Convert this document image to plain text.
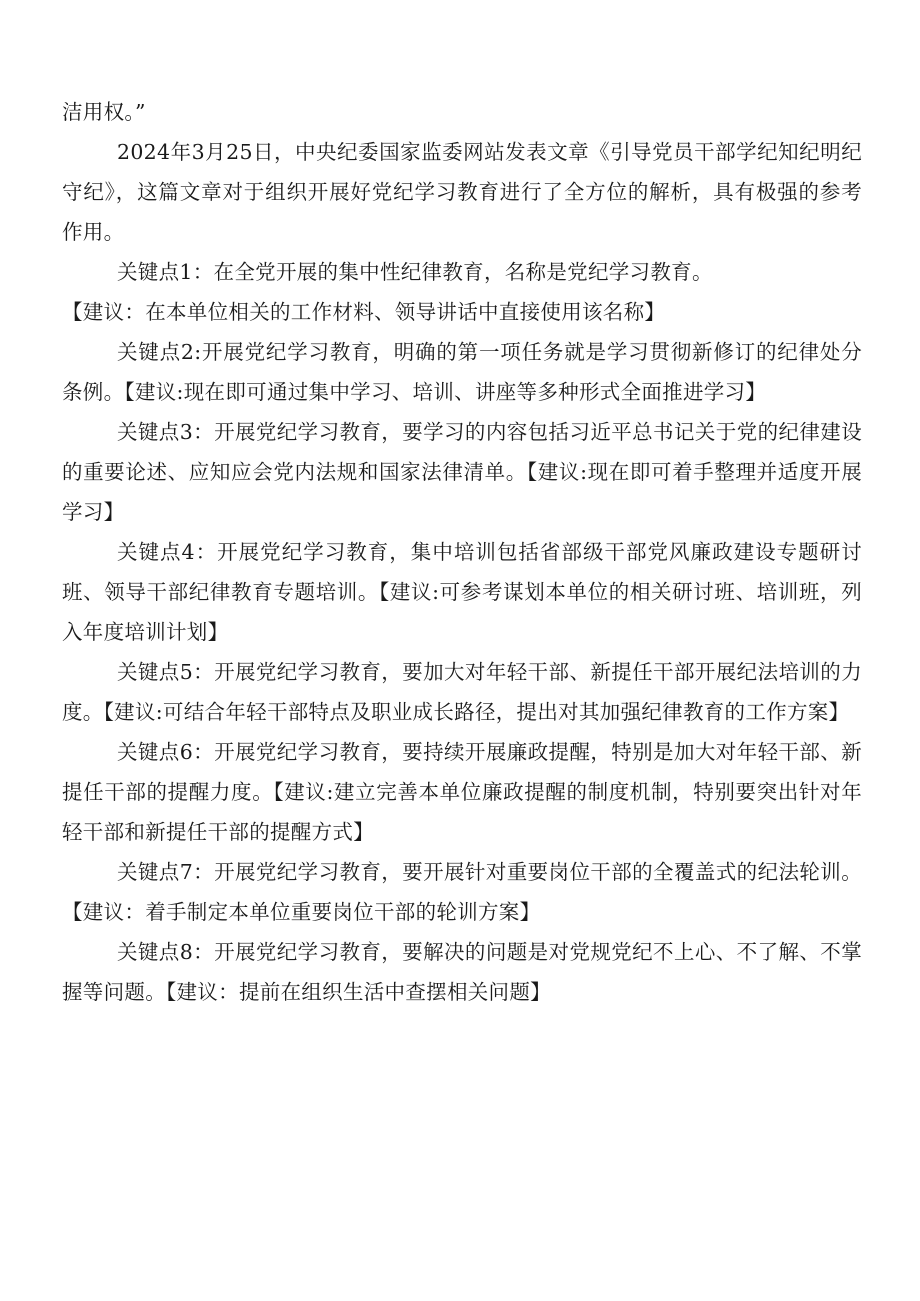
洁用权。”

2024年3月25日，中央纪委国家监委网站发表文章《引导党员干部学纪知纪明纪守纪》，这篇文章对于组织开展好党纪学习教育进行了全方位的解析，具有极强的参考作用。

关键点1：在全党开展的集中性纪律教育，名称是党纪学习教育。

【建议：在本单位相关的工作材料、领导讲话中直接使用该名称】

关键点2:开展党纪学习教育，明确的第一项任务就是学习贯彻新修订的纪律处分条例。【建议:现在即可通过集中学习、培训、讲座等多种形式全面推进学习】

关键点3：开展党纪学习教育，要学习的内容包括习近平总书记关于党的纪律建设的重要论述、应知应会党内法规和国家法律清单。【建议:现在即可着手整理并适度开展学习】

关键点4：开展党纪学习教育，集中培训包括省部级干部党风廉政建设专题研讨班、领导干部纪律教育专题培训。【建议:可参考谋划本单位的相关研讨班、培训班，列入年度培训计划】

关键点5：开展党纪学习教育，要加大对年轻干部、新提任干部开展纪法培训的力度。【建议:可结合年轻干部特点及职业成长路径，提出对其加强纪律教育的工作方案】

关键点6：开展党纪学习教育，要持续开展廉政提醒，特别是加大对年轻干部、新提任干部的提醒力度。【建议:建立完善本单位廉政提醒的制度机制，特别要突出针对年轻干部和新提任干部的提醒方式】

关键点7：开展党纪学习教育，要开展针对重要岗位干部的全覆盖式的纪法轮训。【建议：着手制定本单位重要岗位干部的轮训方案】

关键点8：开展党纪学习教育，要解决的问题是对党规党纪不上心、不了解、不掌握等问题。【建议：提前在组织生活中查摆相关问题】
